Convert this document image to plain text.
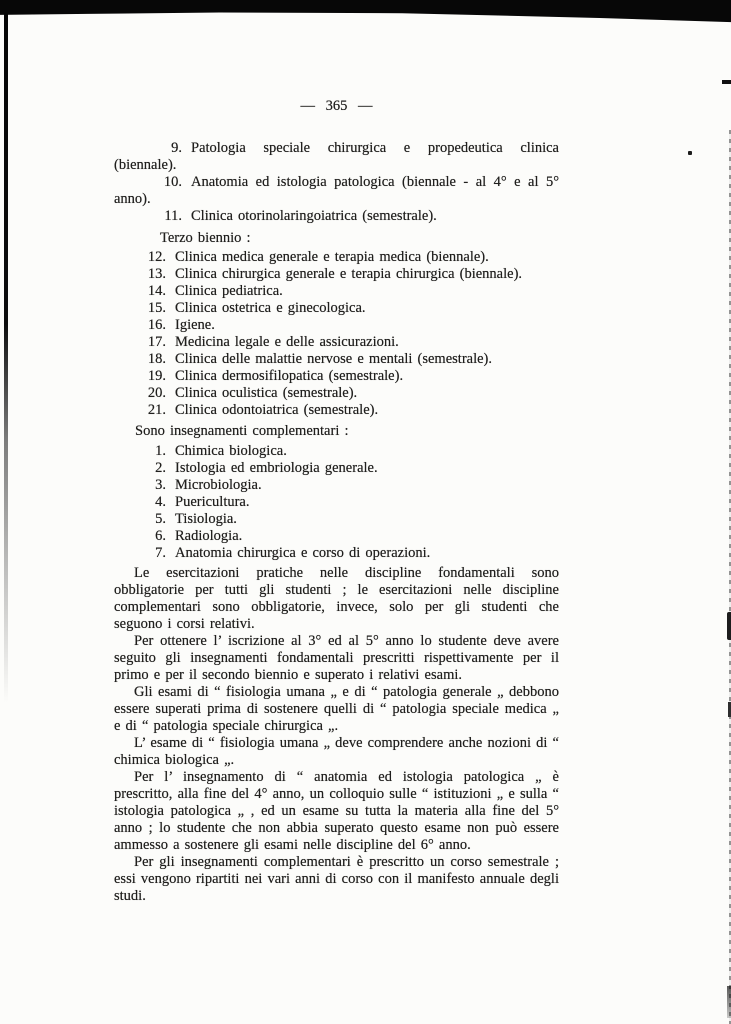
— 365 —

9. Patologia speciale chirurgica e propedeutica clinica (biennale).

10. Anatomia ed istologia patologica (biennale - al 4° e al 5° anno).

11. Clinica otorinolaringoiatrica (semestrale).

Terzo biennio :

12. Clinica medica generale e terapia medica (biennale).

13. Clinica chirurgica generale e terapia chirurgica (biennale).

14. Clinica pediatrica.

15. Clinica ostetrica e ginecologica.

16. Igiene.

17. Medicina legale e delle assicurazioni.

18. Clinica delle malattie nervose e mentali (semestrale).

19. Clinica dermosifilopatica (semestrale).

20. Clinica oculistica (semestrale).

21. Clinica odontoiatrica (semestrale).

Sono insegnamenti complementari :

1. Chimica biologica.

2. Istologia ed embriologia generale.

3. Microbiologia.

4. Puericultura.

5. Tisiologia.

6. Radiologia.

7. Anatomia chirurgica e corso di operazioni.

Le esercitazioni pratiche nelle discipline fondamentali sono obbligatorie per tutti gli studenti ; le esercitazioni nelle discipline complementari sono obbligatorie, invece, solo per gli studenti che seguono i corsi relativi.

Per ottenere l’ iscrizione al 3° ed al 5° anno lo studente deve avere seguito gli insegnamenti fondamentali prescritti rispettivamente per il primo e per il secondo biennio e superato i relativi esami.

Gli esami di “ fisiologia umana „ e di “ patologia generale „ debbono essere superati prima di sostenere quelli di “ patologia speciale medica „ e di “ patologia speciale chirurgica „.

L’ esame di “ fisiologia umana „ deve comprendere anche nozioni di “ chimica biologica „.

Per l’ insegnamento di “ anatomia ed istologia patologica „ è prescritto, alla fine del 4° anno, un colloquio sulle “ istituzioni „ e sulla “ istologia patologica „ , ed un esame su tutta la materia alla fine del 5° anno ; lo studente che non abbia superato questo esame non può essere ammesso a sostenere gli esami nelle discipline del 6° anno.

Per gli insegnamenti complementari è prescritto un corso semestrale ; essi vengono ripartiti nei vari anni di corso con il manifesto annuale degli studi.
